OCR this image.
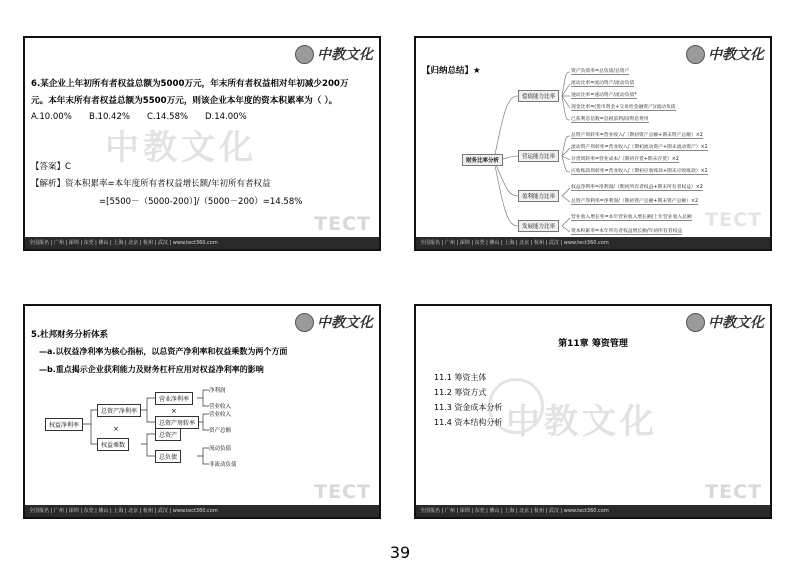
中教文化
中教文化
6.某企业上年初所有者权益总额为5000万元，年末所有者权益相对年初减少200万
元。本年末所有者权益总额为5500万元，则该企业本年度的资本积累率为（ ）。
A.10.00% B.10.42% C.14.58% D.14.00%
【答案】C
【解析】资本积累率=本年度所有者权益增长额/年初所有者权益
=[5500－（5000-200）]/（5000－200）=14.58%
TECT
全国报名 | 广州 | 深圳 | 东莞 | 佛山 | 上海 | 北京 | 杭州 | 武汉 | www.tect360.com
中教文化
【归纳总结】★
财务比率分析
偿债能力比率
营运能力比率
盈利能力比率
发展能力比率
资产负债率=总负债/总资产
流动比率=流动资产/流动负债
速动比率=速动资产/流动负债*
现金比率=(货币资金+交易性金融资产)/流动负债
已获利息倍数=息税前利润/利息费用
总资产周转率=营业收入/（期初资产总额+期末资产总额）×2
流动资产周转率=营业收入/（期初流动资产+期末流动资产）×2
存货周转率=营业成本/（期初存货+期末存货）×2
应收账款周转率=营业收入/（期初应收账款+期末应收账款）×2
权益净利率=净利润/（期初所有者权益+期末所有者权益）×2
总资产净利率=净利润/（期初资产总额+期末资产总额）×2
营业收入增长率=本年营业收入增长额/上年营业收入总额
资本积累率=本年所有者权益增长额/年初所有者权益
TECT
全国报名 | 广州 | 深圳 | 东莞 | 佛山 | 上海 | 北京 | 杭州 | 武汉 | www.tect360.com
中教文化
5.杜邦财务分析体系
—a.以权益净利率为核心指标，以总资产净利率和权益乘数为两个方面
—b.重点揭示企业获利能力及财务杠杆应用对权益净利率的影响
权益净利率
总资产净利率
×
权益乘数
营业净利率
×
总资产周转率
总资产
总负债
净利润
营业收入
营业收入
资产总额
流动负债
非流动负债
TECT
全国报名 | 广州 | 深圳 | 东莞 | 佛山 | 上海 | 北京 | 杭州 | 武汉 | www.tect360.com
中教文化
中教文化
第11章 筹资管理
11.1 筹资主体
11.2 筹资方式
11.3 资金成本分析
11.4 资本结构分析
TECT
全国报名 | 广州 | 深圳 | 东莞 | 佛山 | 上海 | 北京 | 杭州 | 武汉 | www.tect360.com
39
